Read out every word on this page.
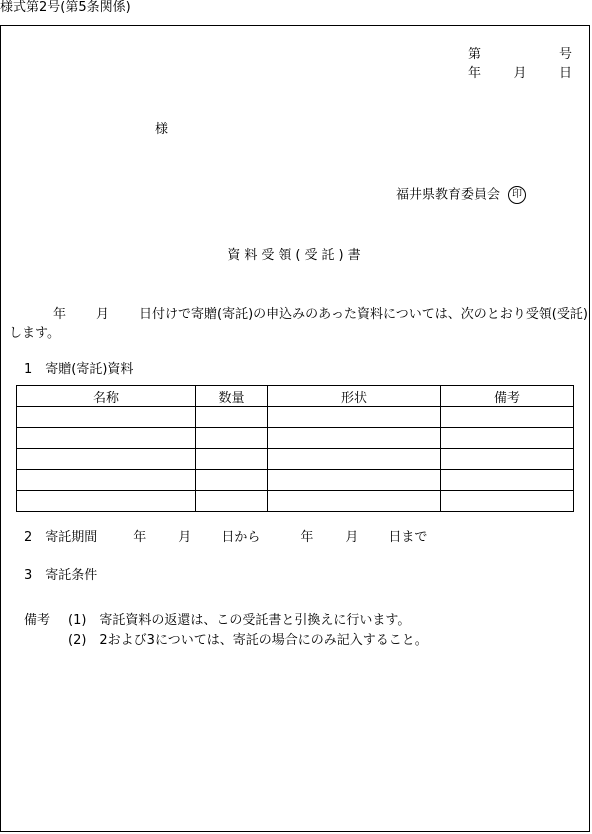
様式第2号(第5条関係)
第	号
年 月 日
様
福井県教育委員会 印
資料受領(受託)書
年 月 日付けで寄贈(寄託)の申込みのあった資料については、次のとおり受領(受託)します。
1　寄贈(寄託)資料
名称	数量	形状	備考

2　寄託期間	年 月 日から	年 月 日まで
3　寄託条件
備考 (1)　寄託資料の返還は、この受託書と引換えに行います。
(2)　2および3については、寄託の場合にのみ記入すること。
